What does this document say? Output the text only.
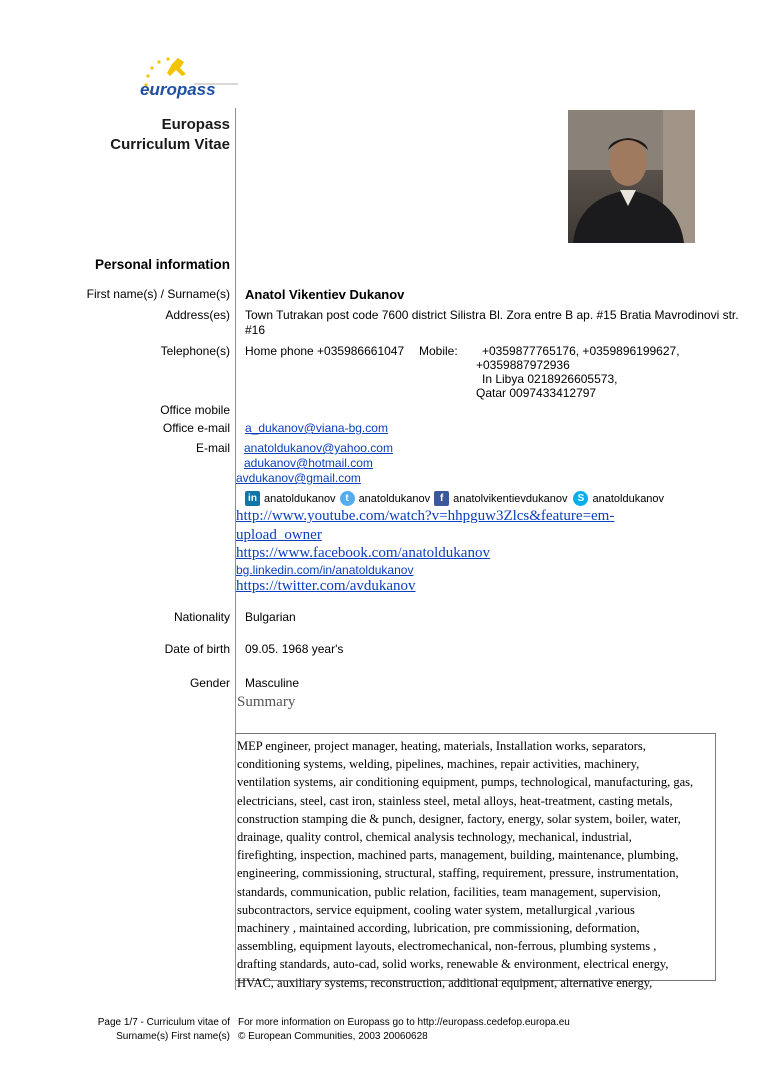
europass
Europass
Curriculum Vitae
Personal information
First name(s) / Surname(s) Anatol Vikentiev Dukanov
Address(es) Town Tutrakan post code 7600 district Silistra Bl. Zora entre B ap. #15 Bratia Mavrodinovi str.
#16
Telephone(s) Home phone +035986661047 Mobile: +0359877765176, +0359896199627,
+0359887972936
In Libya 0218926605573,
Qatar 0097433412797
Office mobile
Office e-mail a_dukanov@viana-bg.com
E-mail anatoldukanov@yahoo.com
adukanov@hotmail.com
avdukanov@gmail.com
in anatoldukanov t anatoldukanov f anatolvikentievdukanov	S anatoldukanov
http://www.youtube.com/watch?v=hhpguw3Zlcs&feature=em-
upload_owner
https://www.facebook.com/anatoldukanov
bg.linkedin.com/in/anatoldukanov
https://twitter.com/avdukanov
Nationality Bulgarian
Date of birth 09.05. 1968 year's
Gender Masculine
Summary
MEP engineer, project manager, heating, materials, Installation works, separators,
conditioning systems, welding, pipelines, machines, repair activities, machinery,
ventilation systems, air conditioning equipment, pumps, technological, manufacturing, gas,
electricians, steel, cast iron, stainless steel, metal alloys, heat-treatment, casting metals,
construction stamping die & punch, designer, factory, energy, solar system, boiler, water,
drainage, quality control, chemical analysis technology, mechanical, industrial,
firefighting, inspection, machined parts, management, building, maintenance, plumbing,
engineering, commissioning, structural, staffing, requirement, pressure, instrumentation,
standards, communication, public relation, facilities, team management, supervision,
subcontractors, service equipment, cooling water system, metallurgical ,various
machinery , maintained according, lubrication, pre commissioning, deformation,
assembling, equipment layouts, electromechanical, non-ferrous, plumbing systems ,
drafting standards, auto-cad, solid works, renewable & environment, electrical energy,
HVAC, auxiliary systems, reconstruction, additional equipment, alternative energy,
Page 1/7 - Curriculum vitae of
Surname(s) First name(s)
For more information on Europass go to http://europass.cedefop.europa.eu
© European Communities, 2003 20060628
